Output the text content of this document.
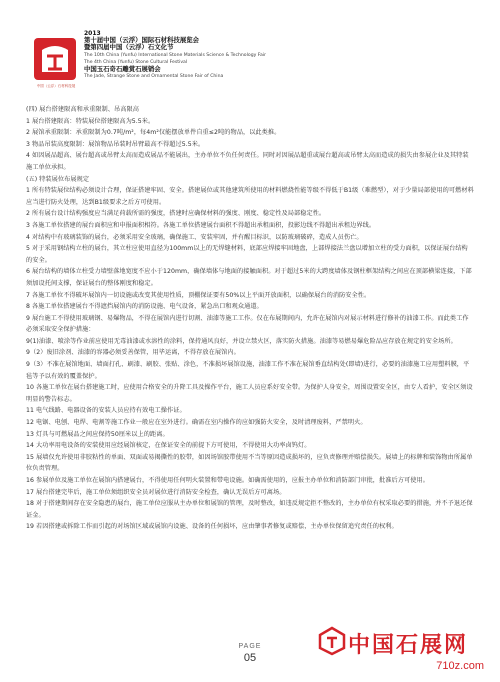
中国（云浮）石材科技展
2013
第十届中国（云浮）国际石材科技展览会
暨第四届中国（云浮）石文化节
The 10th China (Yunfu) International Stone Materials Science & Technology Fair
The 4th China (Yunfu) Stone Cultural Festival
中国玉石奇石雕赏石展销会
The Jade, Strange Stone and Ornamental Stone Fair of China

(四) 展台搭建限高和承重限制、吊高限高

1 展台搭建限高：特装展位搭建限高为5.5米。

2 展馆承重限制：承重限制为0.7吨/m²，每4m²仅能摆放单件自重≤2吨的物品，以此类推。

3 物品吊装高度限制：展馆物品吊装时吊臂最高不得超过5.5米。

4 如因展品超高、展台超高或吊臂太高而造成展品不能展出，主办单位不负任何责任。同时对因展品超重或展台超高或吊臂太高而造成的损失由参展企业及其特装施工单位承担。

(五) 特装展位布展规定

1 所有特装展位结构必须设计合理，保证搭建牢固、安全。搭建展位或其他建筑所使用的材料燃烧性能等级不得低于B1级（难燃型），对于少量局部使用的可燃材料应当进行防火处理，达到B1级要求之后方可使用。

2 所有展台设计结构强度应当满足荷载所需的强度，搭建时应确保材料的强度、刚度、稳定性及局部稳定性。

3 各施工单位搭建的展台面积应和申报面积相符。各施工单位搭建展台面积不得超出承租面积，投影边线不得超出承租边界线。

4 对结构中有玻璃装饰的展台，必须采用安全玻璃，确保施工、安装牢固，并有醒目标识，以防玻璃破碎，造成人员伤亡。

5 对于采用钢结构立柱的展台，其立柱应使用直径为100mm以上的无焊缝材料，底部应焊接牢固地盘，上部焊接法兰盘以增加立柱的受力面积，以保证展台结构的安全。

6 展台结构的墙体立柱受力墙壁落地宽度不应小于120mm，确保墙体与地面的接触面积。对于超过5米的大跨度墙体及钢柱框架结构之间应在顶部横梁连接，下部须加设托间支撑，保证展台的整体刚度和稳定。

7 各施工单位不得破坏展馆内一切设施或改变其使用性质，顶棚保证要有50%以上平面开放面积，以确保展台的消防安全性。

8 各施工单位搭建展台不得遮挡展馆内的消防设施、电气设备，紧急出口和观众通道。

9 展台施工不得使用玻璃钢、易爆物品，不得在展馆内进行切割、油漆等施工工作。仅在布展期间内，允许在展馆内对展示材料进行修补的油漆工作。而此类工作必须采取安全保护措施：

9(1)油漆、喷涂等作业前应使用无毒油漆或水溶性的涂料，保持通风良好，并设立禁火区，落实防火措施。油漆等易燃易爆危险品应存放在规定的安全场所。

9（2）废旧涂剂、油漆的容器必须妥善保管，用毕运离，不得存放在展馆内。

9（3）不准在展馆地面、墙面打孔、刷漆、刷胶、张贴、涂色，不准损坏展馆设施，油漆工作不准在展馆垂直结构处(即墙)进行，必要的油漆施工应用塑料膜，平毡等予以有效的覆盖保护。

10 各施工单位在展台搭建施工时，应使用合格安全的升降工具及操作平台，施工人员应系好安全带。为保护人身安全，周围设置安全区，由专人看护，安全区须设明显的警告标志。

11 电气线路、电器设备的安装人员应持有效电工操作证。

12 电锯、电刨、电焊、电割等施工作业一般应在室外进行。确需在室内操作的应如强防火安全，及时清理废料，严禁明火。

13 灯具与可燃展品之间应保持50厘米以上的距离。

14 大功率用电设备的安装使用应经展馆核定，在保证安全的前提下方可使用，不得使用大功率卤钨灯。

15 展墙仅允许使用非胶粘性的单面、双面或易揭撕性的胶带，如因场馆胶带使用不当等原因造成损坏的，应负责修理并赔偿损失。展墙上的标牌和装饰物由所属单位负责管理。

16 参展单位及施工单位在展馆内搭建展台，不得使用任何明火装置和带电设施。如确需使用的，应报主办单位和消防部门审批，批准后方可使用。

17 展台搭建完毕后，施工单位须组织安全员对展位进行消防安全检查，确认无误后方可离场。

18 对于搭建期间存在安全隐患的展台，施工单位应服从主办单位和展馆的管理，及时整改，如违反规定拒不整改的，主办单位有权采取必要的措施，并不予退还保证金。

19 若因搭建或拆除工作而引起的对场馆区域或展馆内设施、设备的任何损坏，应由肇事者修复或赔偿，主办单位保留追究责任的权利。

PAGE
05	中国石展网
710z.com
